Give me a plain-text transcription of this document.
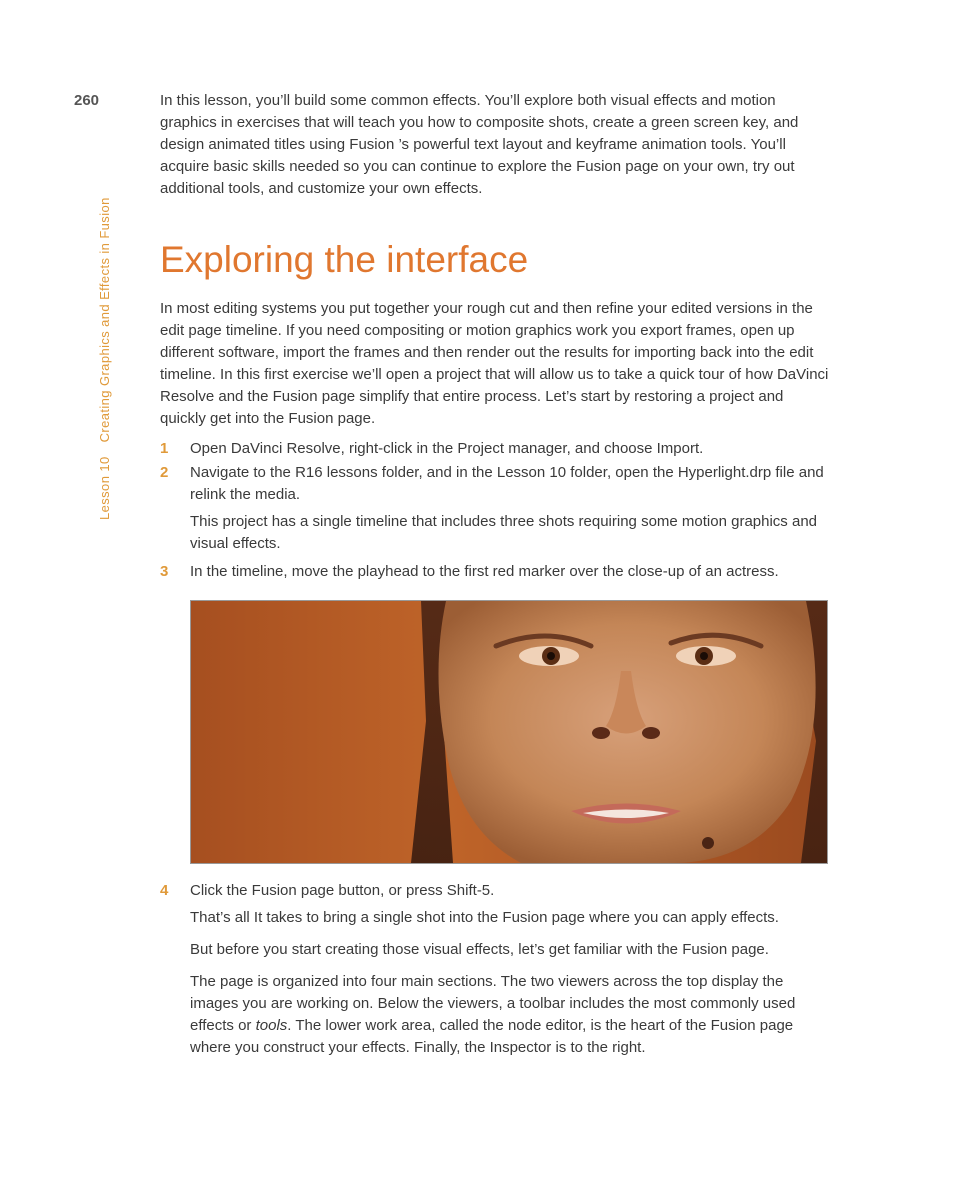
260
Lesson 10Creating Graphics and Effects in Fusion

In this lesson, you’ll build some common effects. You’ll explore both visual effects and motion graphics in exercises that will teach you how to composite shots, create a green screen key, and design animated titles using Fusion ’s powerful text layout and keyframe animation tools. You’ll acquire basic skills needed so you can continue to explore the Fusion page on your own, try out additional tools, and customize your own effects.

Exploring the interface

In most editing systems you put together your rough cut and then refine your edited versions in the edit page timeline. If you need compositing or motion graphics work you export frames, open up different software, import the frames and then render out the results for importing back into the edit timeline. In this first exercise we’ll open a project that will allow us to take a quick tour of how DaVinci Resolve and the Fusion page simplify that entire process. Let’s start by restoring a project and quickly get into the Fusion page.

1 Open DaVinci Resolve, right-click in the Project manager, and choose Import.

2 Navigate to the R16 lessons folder, and in the Lesson 10 folder, open the Hyperlight.drp file and relink the media.

This project has a single timeline that includes three shots requiring some motion graphics and visual effects.

3 In the timeline, move the playhead to the first red marker over the close-up of an actress.

4 Click the Fusion page button, or press Shift-5.

That’s all It takes to bring a single shot into the Fusion page where you can apply effects.

But before you start creating those visual effects, let’s get familiar with the Fusion page.

The page is organized into four main sections. The two viewers across the top display the images you are working on. Below the viewers, a toolbar includes the most commonly used effects or tools. The lower work area, called the node editor, is the heart of the Fusion page where you construct your effects. Finally, the Inspector is to the right.
